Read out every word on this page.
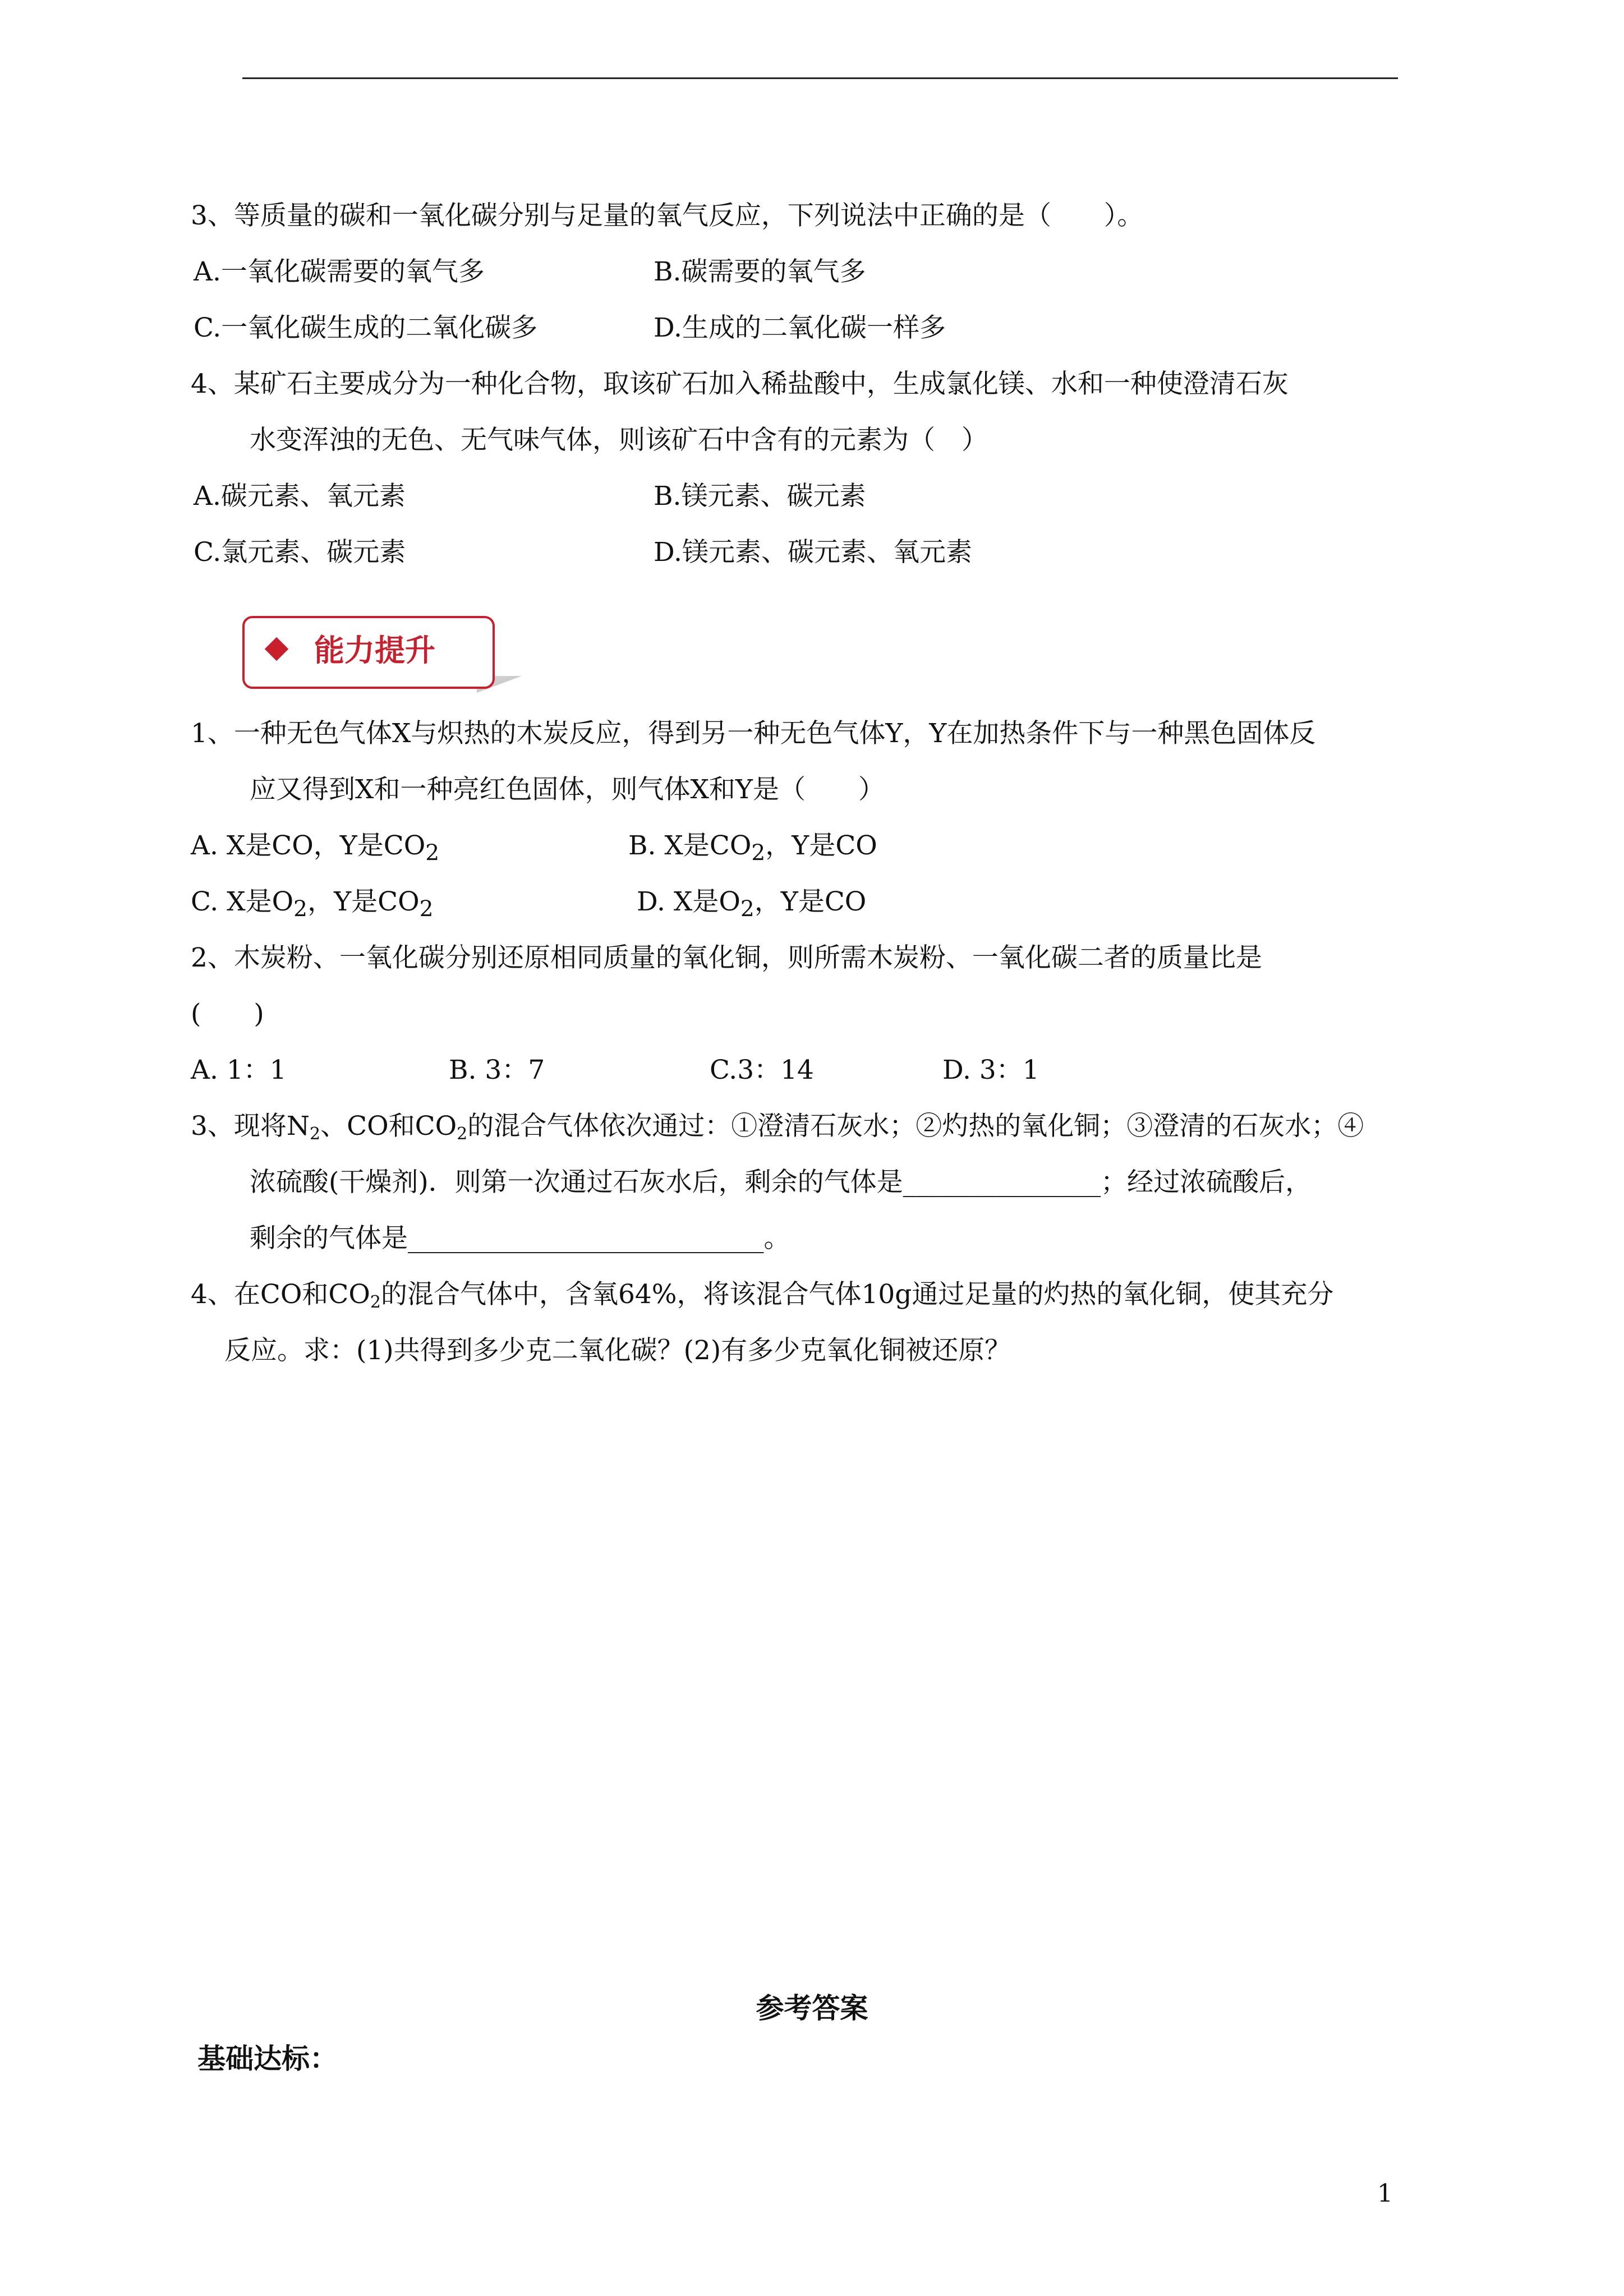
3、等质量的碳和一氧化碳分别与足量的氧气反应，下列说法中正确的是（　　）。
A.一氧化碳需要的氧气多	B.碳需要的氧气多
C.一氧化碳生成的二氧化碳多	D.生成的二氧化碳一样多
4、某矿石主要成分为一种化合物，取该矿石加入稀盐酸中，生成氯化镁、水和一种使澄清石灰
水变浑浊的无色、无气味气体，则该矿石中含有的元素为（　）
A.碳元素、氧元素	B.镁元素、碳元素
C.氯元素、碳元素	D.镁元素、碳元素、氧元素
能力提升
1、一种无色气体X与炽热的木炭反应，得到另一种无色气体Y，Y在加热条件下与一种黑色固体反
应又得到X和一种亮红色固体，则气体X和Y是（　　）
A. X是CO，Y是$CO_2$	B. X是$CO_2$，Y是CO
C. X是$O_2$，Y是$CO_2$	D. X是$O_2$，Y是CO
2、木炭粉、一氧化碳分别还原相同质量的氧化铜，则所需木炭粉、一氧化碳二者的质量比是
(　　)
A. 1：1	B. 3：7	C.3：14	D. 3：1
3、现将$N_2$、CO和$CO_2$的混合气体依次通过：①澄清石灰水；②灼热的氧化铜；③澄清的石灰水；④
浓硫酸(干燥剂)．则第一次通过石灰水后，剩余的气体是_______________；经过浓硫酸后，
剩余的气体是___________________________。
4、在CO和$CO_2$的混合气体中，含氧64%，将该混合气体10g通过足量的灼热的氧化铜，使其充分
反应。求：(1)共得到多少克二氧化碳？(2)有多少克氧化铜被还原？
参考答案
基础达标：
1
